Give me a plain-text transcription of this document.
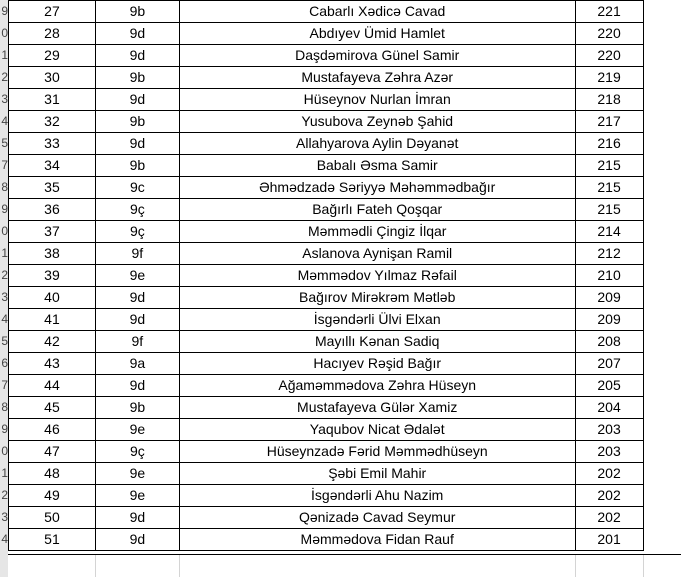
9
0
1
2
3
4
5
7
8
9
0
1
2
3
4
5
6
7
8
9
0
1
2
3
4
27	9b	Cabarlı Xədicə Cavad	221	
28	9d	Abdıyev Ümid Hamlet	220	
29	9d	Daşdəmirova Günel Samir	220	
30	9b	Mustafayeva Zəhra Azər	219	
31	9d	Hüseynov Nurlan İmran	218	
32	9b	Yusubova Zeynəb Şahid	217	
33	9d	Allahyarova Aylin Dəyanət	216	
34	9b	Babalı Əsma Samir	215	
35	9c	Əhmədzadə Səriyyə Məhəmmədbağır	215	
36	9ç	Bağırlı Fateh Qoşqar	215	
37	9ç	Məmmədli Çingiz İlqar	214	
38	9f	Aslanova Aynişan Ramil	212	
39	9e	Məmmədov Yılmaz Rəfail	210	
40	9d	Bağırov Mirəkrəm Mətləb	209	
41	9d	İsgəndərli Ülvi Elxan	209	
42	9f	Mayıllı Kənan Sadiq	208	
43	9a	Hacıyev Rəşid Bağır	207	
44	9d	Ağaməmmədova Zəhra Hüseyn	205	
45	9b	Mustafayeva Gülər Xamiz	204	
46	9e	Yaqubov Nicat Ədalət	203	
47	9ç	Hüseynzadə Fərid Məmmədhüseyn	203	
48	9e	Şəbi Emil Mahir	202	
49	9e	İsgəndərli Ahu Nazim	202	
50	9d	Qənizadə Cavad Seymur	202	
51	9d	Məmmədova Fidan Rauf	201	
